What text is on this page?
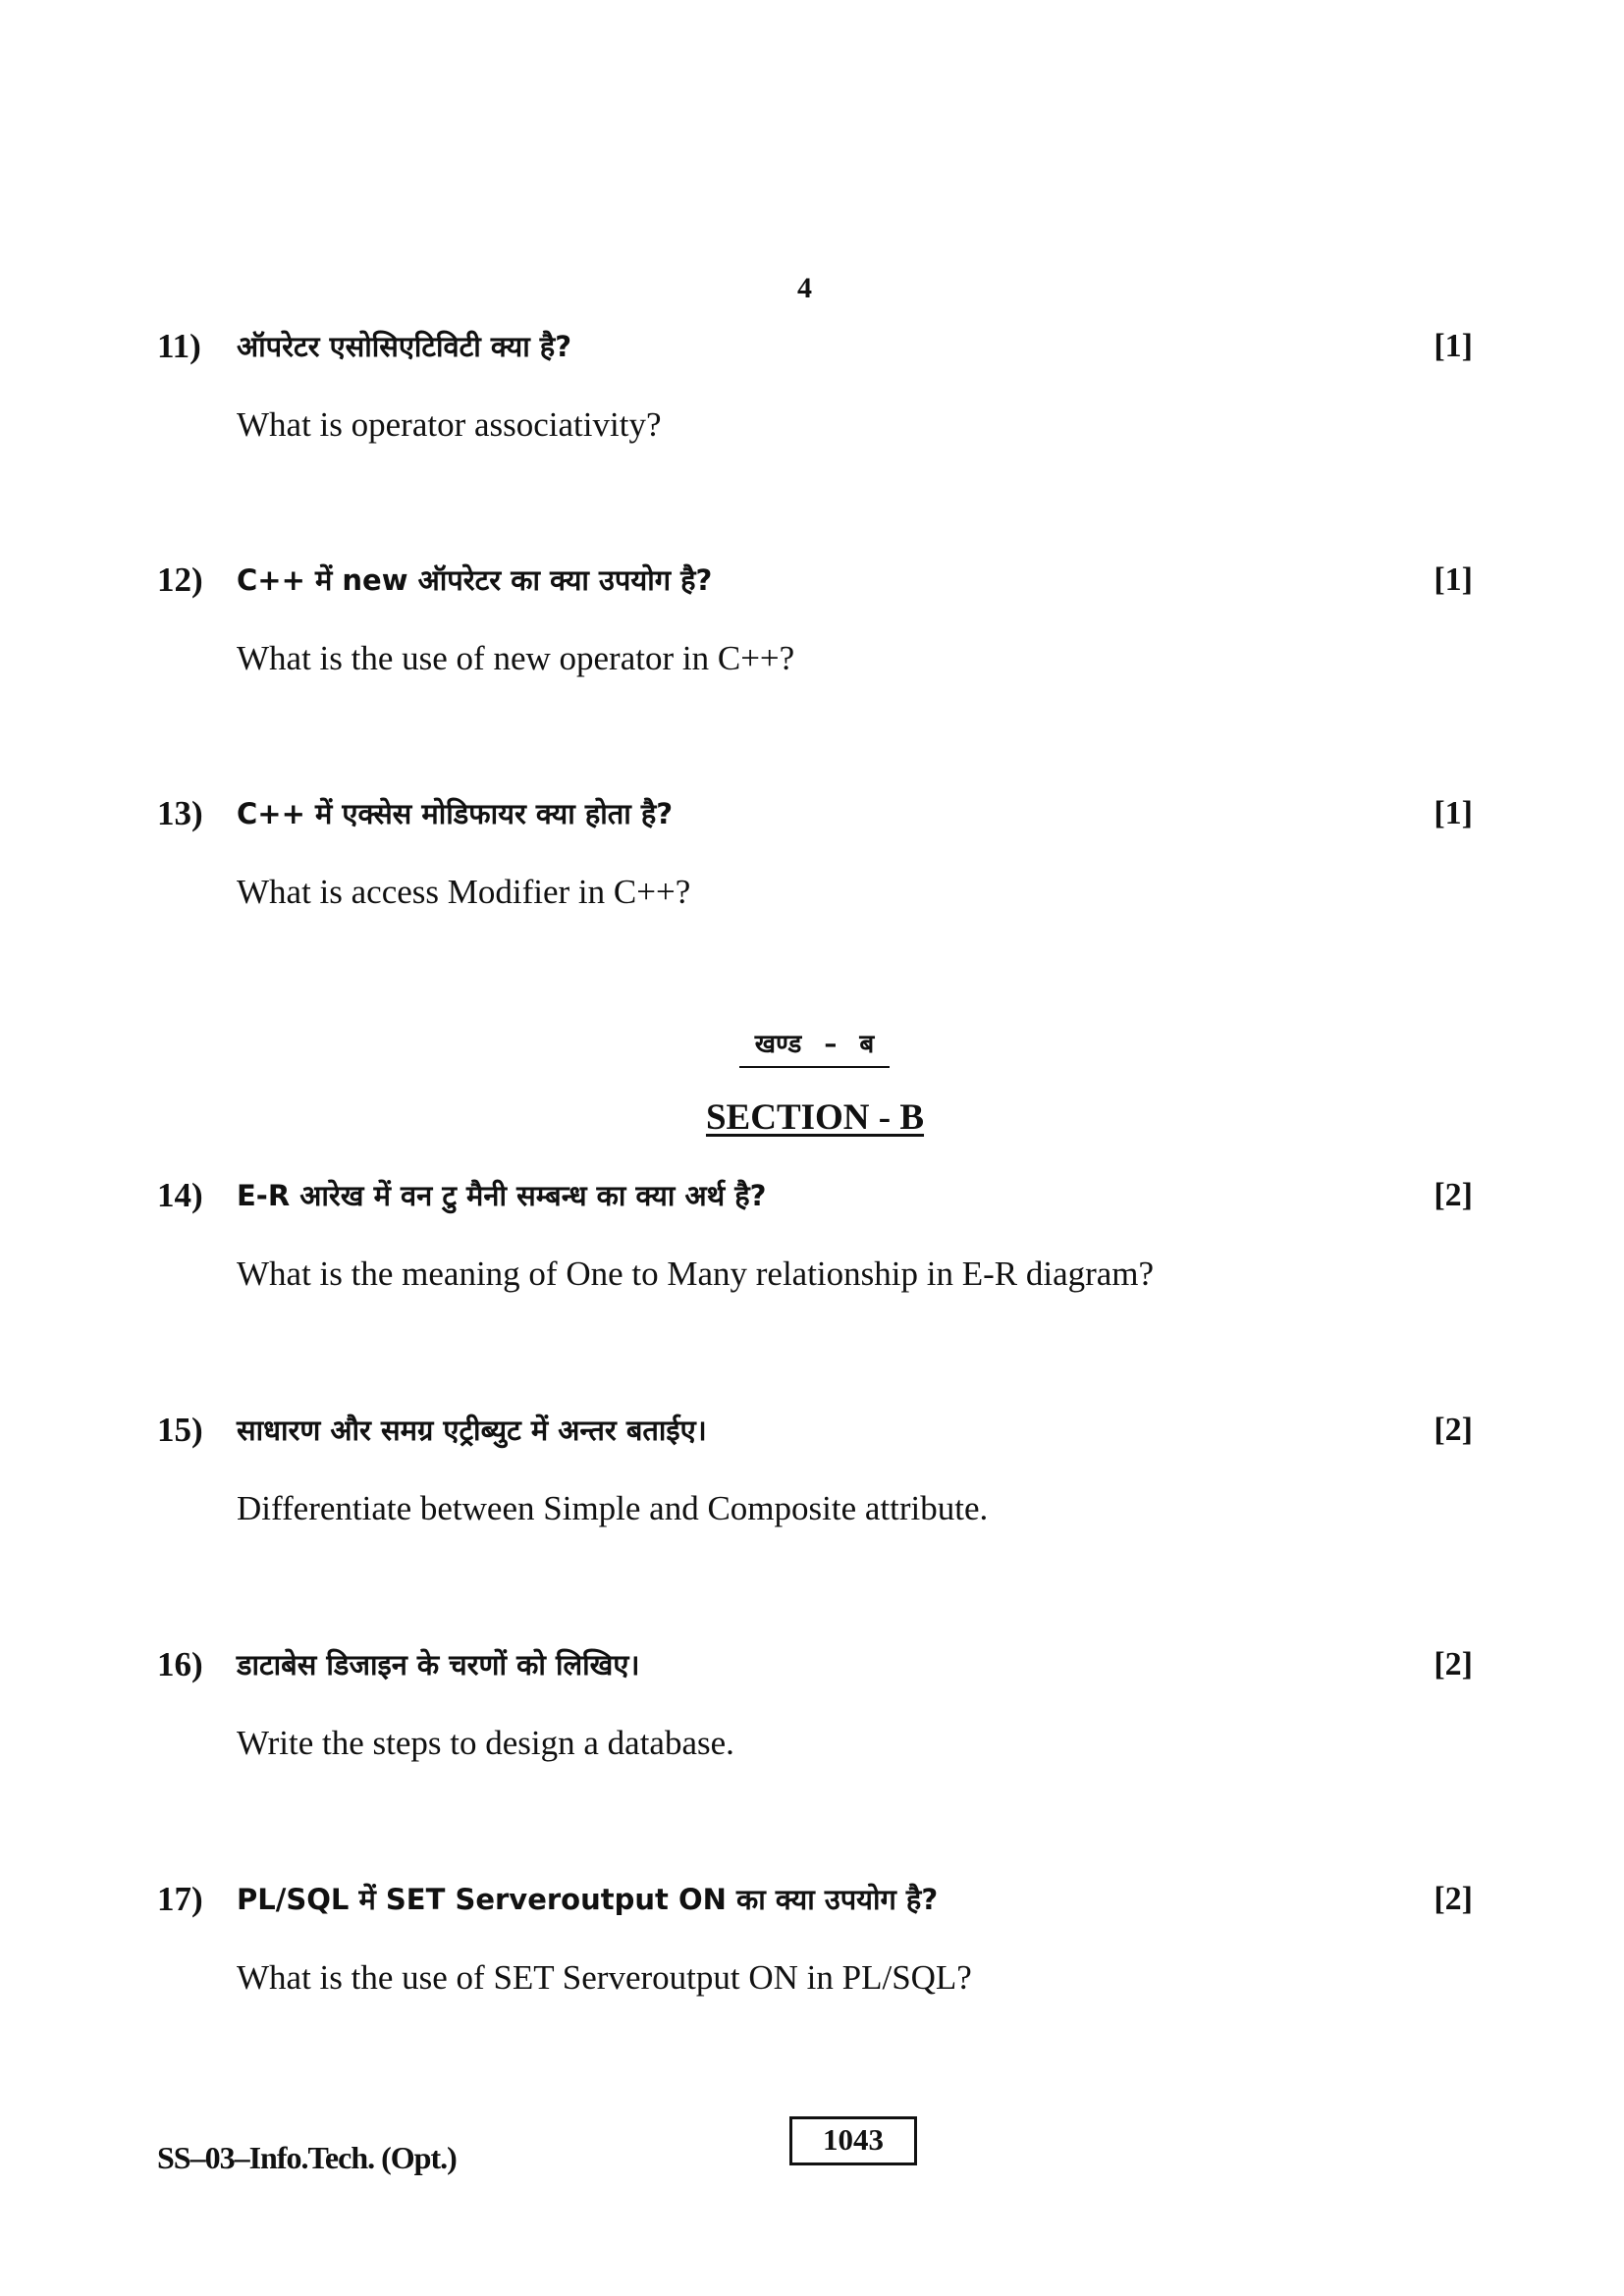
4
11) ऑपरेटर एसोसिएटिविटी क्या है?	[1]
What is operator associativity?
12) C++ में new ऑपरेटर का क्या उपयोग है?	[1]
What is the use of new operator in C++?
13) C++ में एक्सेस मोडिफायर क्या होता है?	[1]
What is access Modifier in C++?
खण्ड – ब
SECTION - B
14) E-R आरेख में वन टु मैनी सम्बन्ध का क्या अर्थ है?	[2]
What is the meaning of One to Many relationship in E-R diagram?
15) साधारण और समग्र एट्रीब्युट में अन्तर बताईए।	[2]
Differentiate between Simple and Composite attribute.
16) डाटाबेस डिजाइन के चरणों को लिखिए।	[2]
Write the steps to design a database.
17) PL/SQL में SET Serveroutput ON का क्या उपयोग है?	[2]
What is the use of SET Serveroutput ON in PL/SQL?
SS–03–Info.Tech. (Opt.)
1043
